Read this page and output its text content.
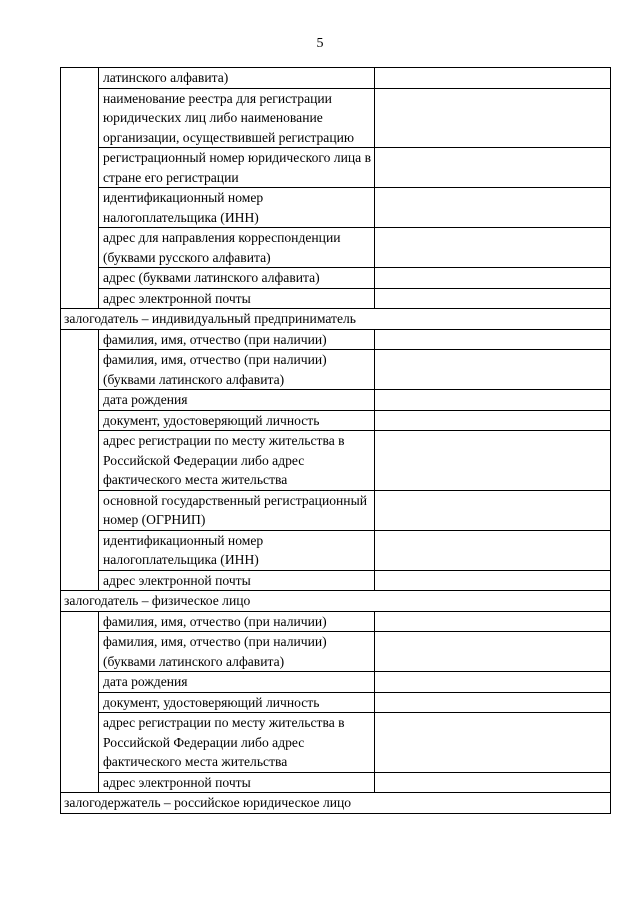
5
	латинского алфавита)	
	наименование реестра для регистрации юридических лиц либо наименование организации, осуществившей регистрацию	
	регистрационный номер юридического лица в стране его регистрации	
	идентификационный номер налогоплательщика (ИНН)	
	адрес для направления корреспонденции (буквами русского алфавита)	
	адрес (буквами латинского алфавита)	
	адрес электронной почты	
залогодатель – индивидуальный предприниматель		
	фамилия, имя, отчество (при наличии)	
	фамилия, имя, отчество (при наличии) (буквами латинского алфавита)	
	дата рождения	
	документ, удостоверяющий личность	
	адрес регистрации по месту жительства в Российской Федерации либо адрес фактического места жительства	
	основной государственный регистрационный номер (ОГРНИП)	
	идентификационный номер налогоплательщика (ИНН)	
	адрес электронной почты	
залогодатель – физическое лицо		
	фамилия, имя, отчество (при наличии)	
	фамилия, имя, отчество (при наличии) (буквами латинского алфавита)	
	дата рождения	
	документ, удостоверяющий личность	
	адрес регистрации по месту жительства в Российской Федерации либо адрес фактического места жительства	
	адрес электронной почты	
залогодержатель – российское юридическое лицо		
